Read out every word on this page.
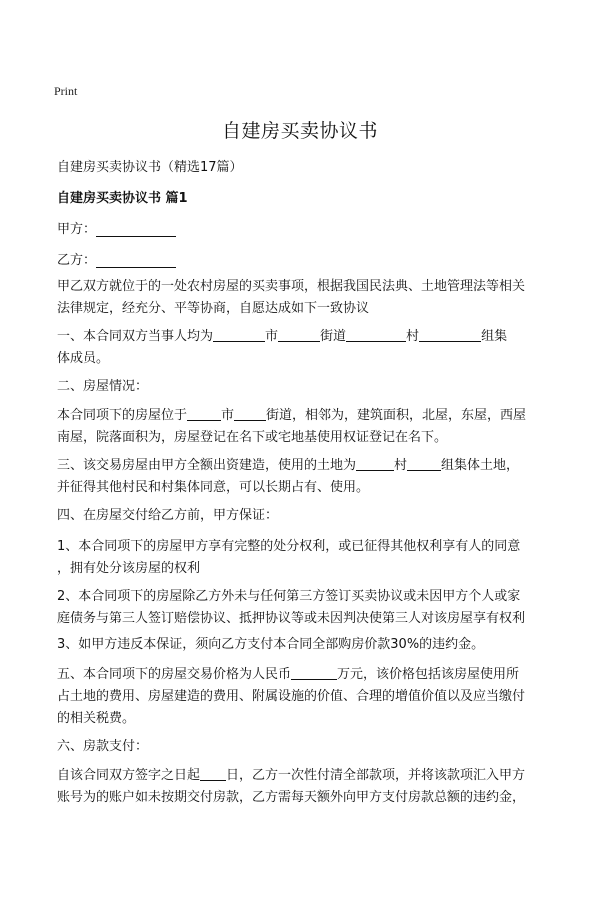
Print
自建房买卖协议书
自建房买卖协议书（精选17篇）
自建房买卖协议书 篇1
甲方：
乙方：
甲乙双方就位于的一处农村房屋的买卖事项，根据我国民法典、土地管理法等相关
法律规定，经充分、平等协商，自愿达成如下一致协议
一、本合同双方当事人均为	市	街道	村	组集
体成员。
二、房屋情况：
本合同项下的房屋位于	市 街道，相邻为，建筑面积，北屋，东屋，西屋
南屋，院落面积为，房屋登记在名下或宅地基使用权证登记在名下。
三、该交易房屋由甲方全额出资建造，使用的土地为	村	组集体土地，
并征得其他村民和村集体同意，可以长期占有、使用。
四、在房屋交付给乙方前，甲方保证：
1、本合同项下的房屋甲方享有完整的处分权利，或已征得其他权利享有人的同意
，拥有处分该房屋的权利
2、本合同项下的房屋除乙方外未与任何第三方签订买卖协议或未因甲方个人或家
庭债务与第三人签订赔偿协议、抵押协议等或未因判决使第三人对该房屋享有权利
3、如甲方违反本保证，须向乙方支付本合同全部购房价款30%的违约金。
五、本合同项下的房屋交易价格为人民币	万元，该价格包括该房屋使用所
占土地的费用、房屋建造的费用、附属设施的价值、合理的增值价值以及应当缴付
的相关税费。
六、房款支付：
自该合同双方签字之日起 日，乙方一次性付清全部款项，并将该款项汇入甲方
账号为的账户如未按期交付房款，乙方需每天额外向甲方支付房款总额的违约金，
